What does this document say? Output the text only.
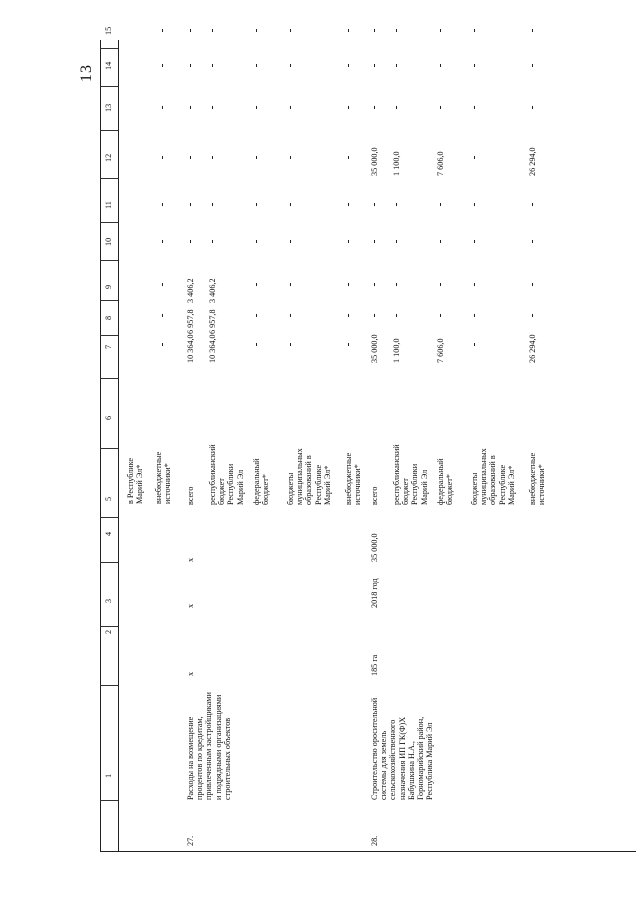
13
1
2
3
4
5
6
7
8
9
10
11
12
13
14
15
в Республике Марий Эл* внебюджетные источники*
27.
Расходы на возмещение процентов по кредитам, привлеченным застройщиками и подрядными организациями строительных объектов
x
x
x
всего
10 364,0
6 957,8
3 406,2
республиканский бюджет Республики Марий Эл
10 364,0
6 957,8
3 406,2
федеральный бюджет* бюджеты муниципальных образований в Республике Марий Эл* внебюджетные источники*
28.
Строительство оросительной системы для земель сельскохозяйственного назначения ИП ГК(Ф)Х Бабушкина Н.А., Горномарийский район, Республика Марий Эл
185 га
2018 год
35 000,0
всего
35 000,0
35 000,0
республиканский бюджет Республики Марий Эл
1 100,0
1 100,0
федеральный бюджет*
7 606,0
7 606,0
бюджеты муниципальных образований в Республике Марий Эл* внебюджетные источники*
26 294,0
26 294,0
